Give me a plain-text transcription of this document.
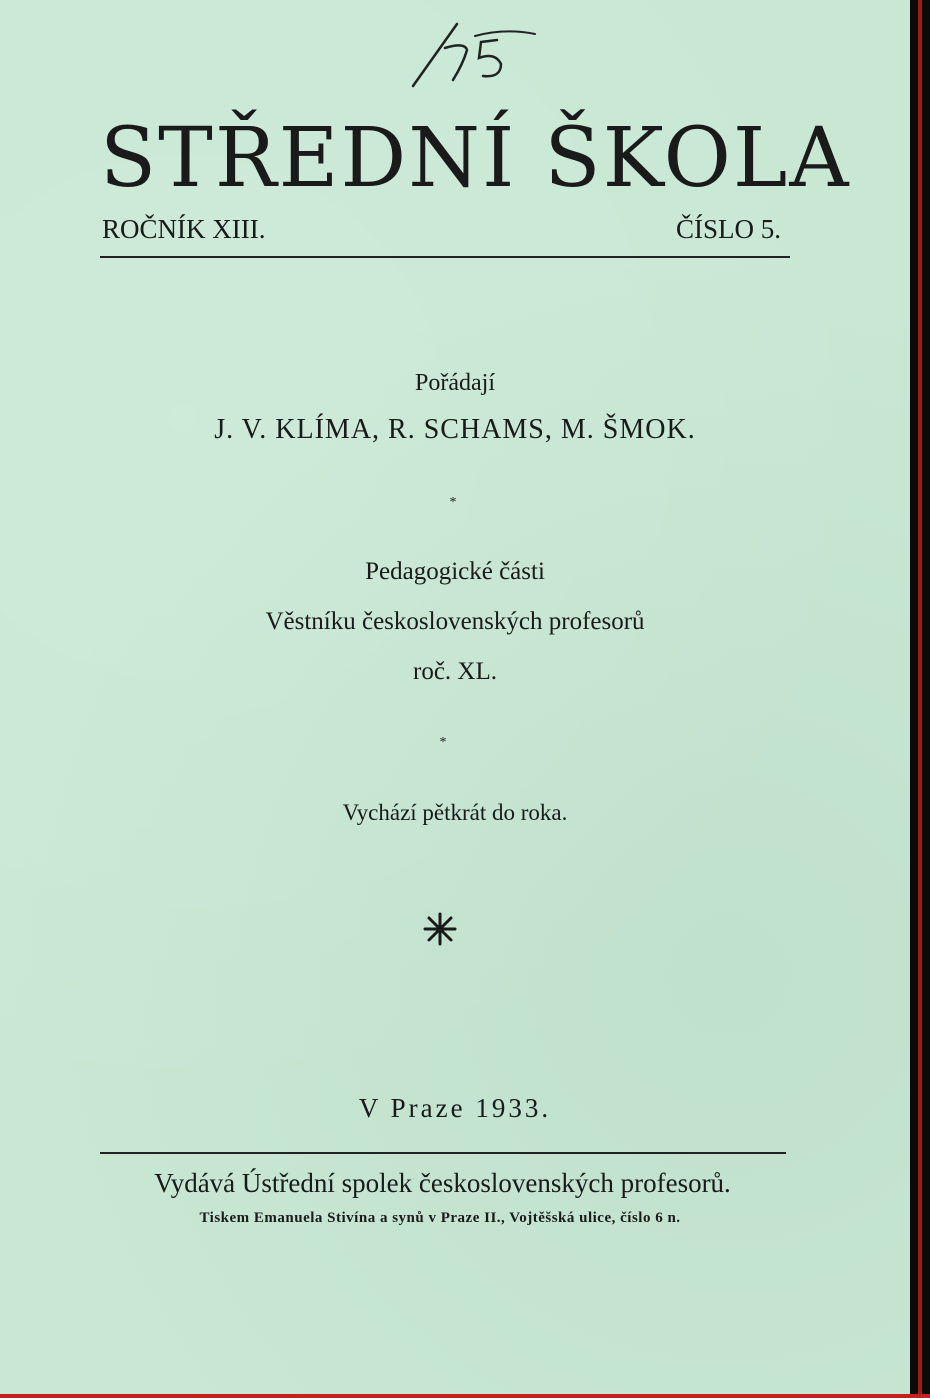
STŘEDNÍ ŠKOLA
ROČNÍK XIII.	ČÍSLO 5.
Pořádají
J. V. KLÍMA, R. SCHAMS, M. ŠMOK.
*
Pedagogické části
Věstníku československých profesorů
roč. XL.
*
Vychází pětkrát do roka.
V Praze 1933.
Vydává Ústřední spolek československých profesorů.
Tiskem Emanuela Stivína a synů v Praze II., Vojtěšská ulice, číslo 6 n.
